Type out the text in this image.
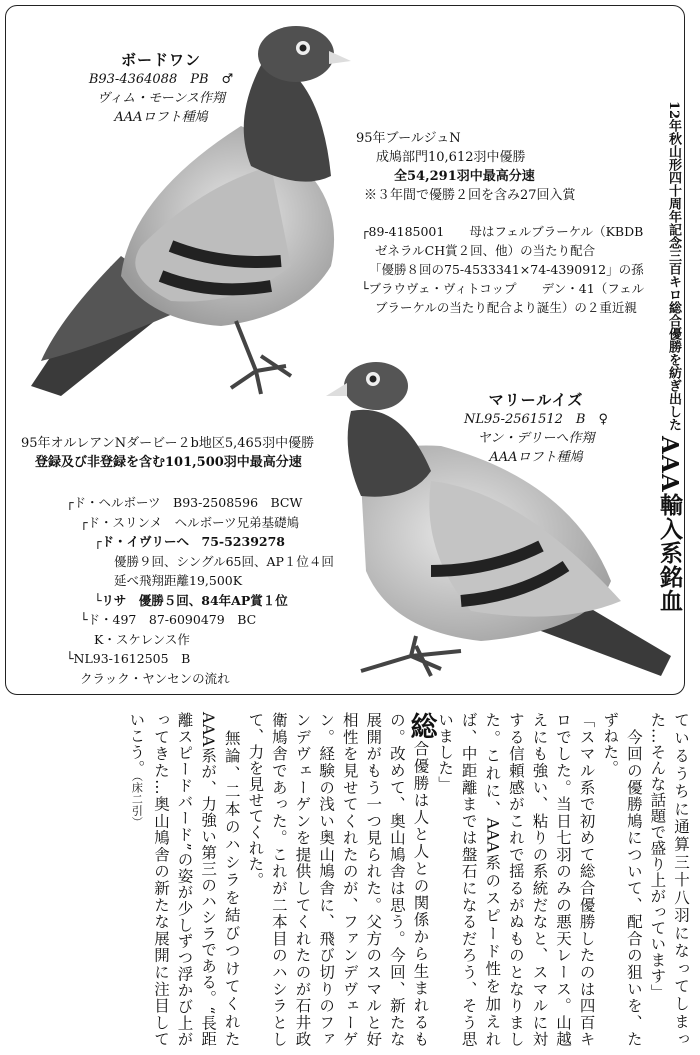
ボードワン
B93-4364088　PB　♂
ヴィム・モーンス作翔
AAAロフト種鳩
95年ブールジュN
成鳩部門10,612羽中優勝
全54,291羽中最高分速
※３年間で優勝２回を含み27回入賞
┌89-4185001　　母はフェルブラーケル（KBDB
ゼネラルCH賞２回、他）の当たり配合
「優勝８回の75-4533341×74-4390912」の孫
└ブラウヴェ・ヴィトコップ　　デン・41（フェル
ブラーケルの当たり配合より誕生）の２重近親
マリールイズ
NL95-2561512　B　♀
ヤン・デリーへ作翔
AAAロフト種鳩
95年オルレアンNダービー２b地区5,465羽中優勝
登録及び非登録を含む101,500羽中最高分速
┌ド・ヘルボーツ　B93-2508596　BCW
┌ド・スリンメ　ヘルボーツ兄弟基礎鳩
┌ド・イヴリーへ　75-5239278
優勝９回、シングル65回、AP１位４回
延べ飛翔距離19,500K
└リサ　優勝５回、84年AP賞１位
└ド・497　87-6090479　BC
K・スケレンス作
└NL93-1612505　B
クラック・ヤンセンの流れ
12年秋山形四十周年記念三百キロ総合優勝を紡ぎ出した
AAA輸入系銘血

ているうちに通算三十八羽になってしまった…そんな話題で盛り上がっています」

　今回の優勝鳩について、配合の狙いを、たずねた。

「スマル系で初めて総合優勝したのは四百キロでした。当日七羽のみの悪天レース。山越えにも強い、粘りの系統だなと、スマルに対する信頼感がこれで揺るがぬものとなりました。これに、AAA系のスピード性を加えれば、中距離までは盤石になるだろう、そう思いました」

総合優勝は人と人との関係から生まれるもの。改めて、奥山鳩舎は思う。今回、新たな展開がもう一つ見られた。父方のスマルと好相性を見せてくれたのが、ファンデヴェーゲン。経験の浅い奥山鳩舎に、飛び切りのファンデヴェーゲンを提供してくれたのが石井政衛鳩舎であった。これが二本目のハシラとして、力を見せてくれた。

　無論、二本のハシラを結びつけてくれたAAA系が、力強い第三のハシラである。“長距離スピードバード”の姿が少しずつ浮かび上がってきた…奥山鳩舎の新たな展開に注目していこう。（床二引）
